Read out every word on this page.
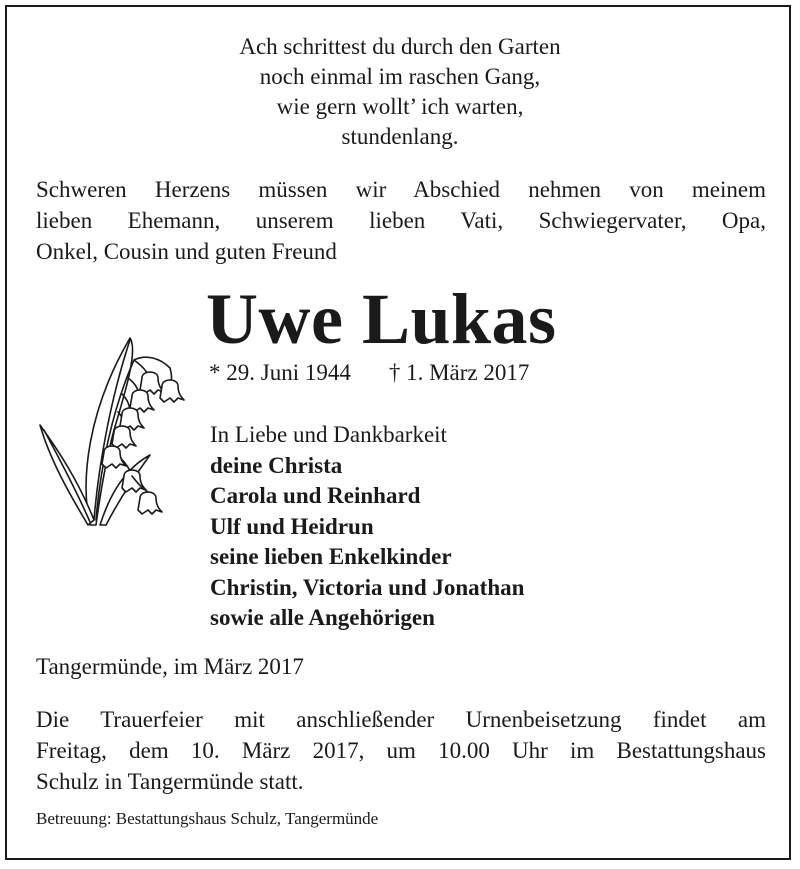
Ach schrittest du durch den Garten
noch einmal im raschen Gang,
wie gern wollt’ ich warten,
stundenlang.
Schweren Herzens müssen wir Abschied nehmen von meinem
lieben Ehemann, unserem lieben Vati, Schwiegervater, Opa,
Onkel, Cousin und guten Freund
Uwe Lukas
* 29. Juni 1944 † 1. März 2017
In Liebe und Dankbarkeit
deine Christa
Carola und Reinhard
Ulf und Heidrun
seine lieben Enkelkinder
Christin, Victoria und Jonathan
sowie alle Angehörigen
Tangermünde, im März 2017
Die Trauerfeier mit anschließender Urnenbeisetzung findet am
Freitag, dem 10. März 2017, um 10.00 Uhr im Bestattungshaus
Schulz in Tangermünde statt.
Betreuung: Bestattungshaus Schulz, Tangermünde
